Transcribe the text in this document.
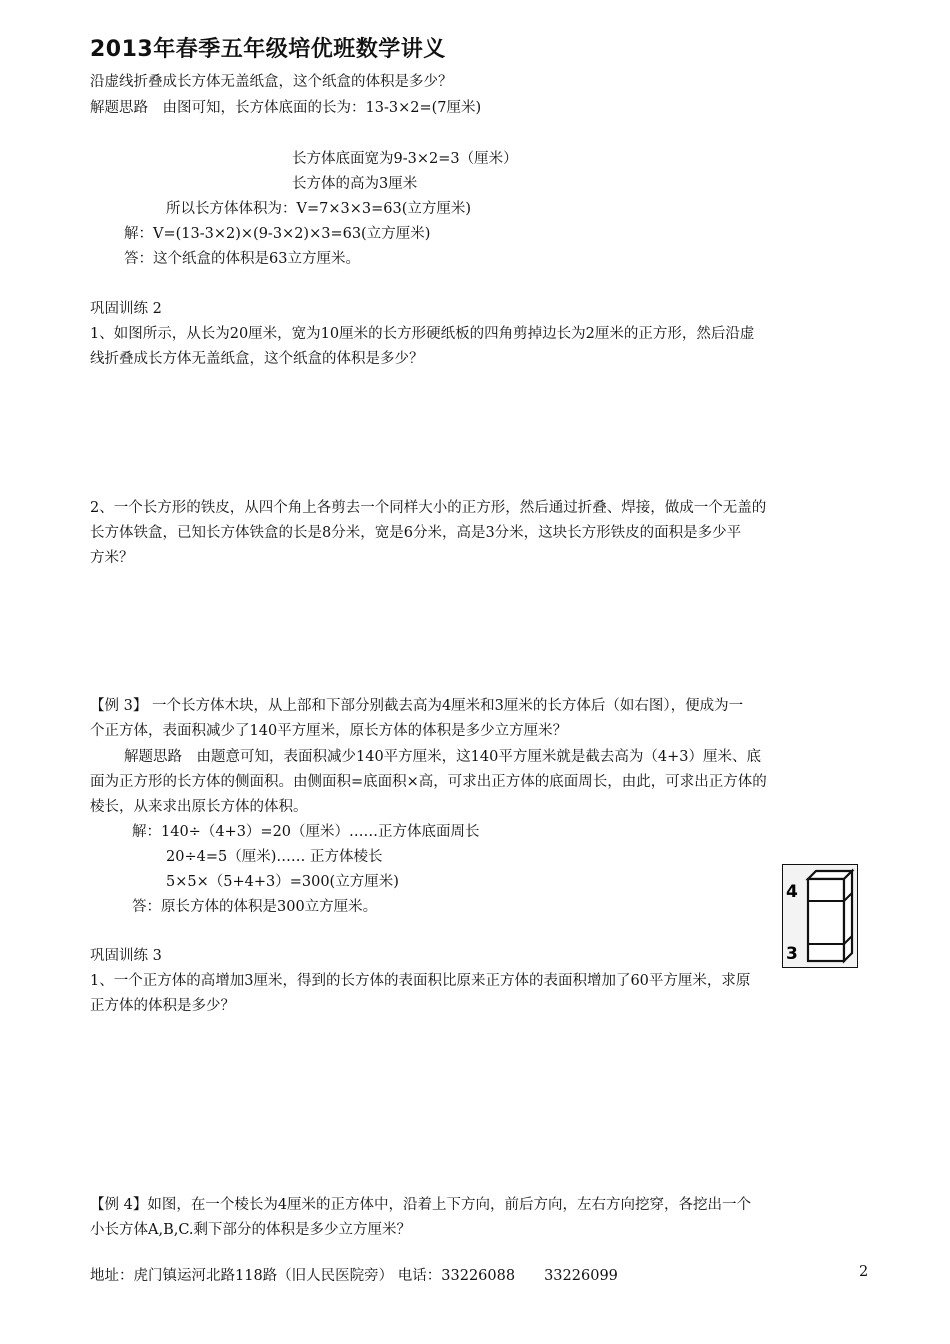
2013年春季五年级培优班数学讲义
沿虚线折叠成长方体无盖纸盒，这个纸盒的体积是多少？
解题思路　由图可知，长方体底面的长为：13-3×2=(7厘米)
长方体底面宽为9-3×2=3（厘米）
长方体的高为3厘米
所以长方体体积为：V=7×3×3=63(立方厘米)
解：V=(13-3×2)×(9-3×2)×3=63(立方厘米)
答：这个纸盒的体积是63立方厘米。
巩固训练 2
1、如图所示，从长为20厘米，宽为10厘米的长方形硬纸板的四角剪掉边长为2厘米的正方形，然后沿虚
线折叠成长方体无盖纸盒，这个纸盒的体积是多少？
2、一个长方形的铁皮，从四个角上各剪去一个同样大小的正方形，然后通过折叠、焊接，做成一个无盖的
长方体铁盒，已知长方体铁盒的长是8分米，宽是6分米，高是3分米，这块长方形铁皮的面积是多少平
方米？
【例 3】 一个长方体木块，从上部和下部分别截去高为4厘米和3厘米的长方体后（如右图），便成为一
个正方体，表面积减少了140平方厘米，原长方体的体积是多少立方厘米？
解题思路　由题意可知，表面积减少140平方厘米，这140平方厘米就是截去高为（4+3）厘米、底
面为正方形的长方体的侧面积。由侧面积=底面积×高，可求出正方体的底面周长，由此，可求出正方体的
棱长，从来求出原长方体的体积。
解：140÷（4+3）=20（厘米）……正方体底面周长
20÷4=5（厘米)…… 正方体棱长
5×5×（5+4+3）=300(立方厘米)
答：原长方体的体积是300立方厘米。
4
3
巩固训练 3
1、一个正方体的高增加3厘米，得到的长方体的表面积比原来正方体的表面积增加了60平方厘米，求原
正方体的体积是多少？
【例 4】如图，在一个棱长为4厘米的正方体中，沿着上下方向，前后方向，左右方向挖穿，各挖出一个
小长方体A,B,C.剩下部分的体积是多少立方厘米？
地址：虎门镇运河北路118路（旧人民医院旁） 电话：33226088　　33226099	2
